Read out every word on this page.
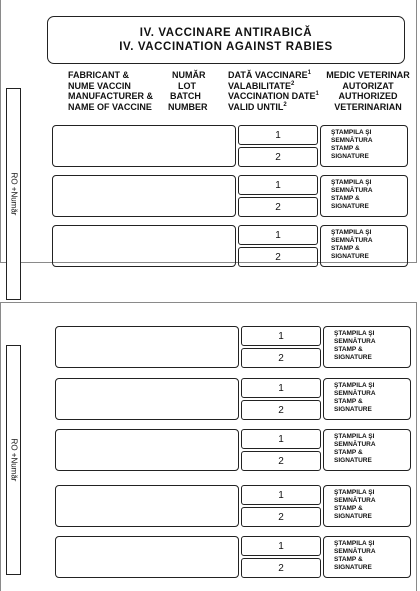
IV. VACCINARE ANTIRABICĂ
IV. VACCINATION AGAINST RABIES
FABRICANT &
NUME VACCIN
MANUFACTURER &
NAME OF VACCINE
NUMĂR
LOT
BATCH
NUMBER
DATĂ VACCINARE$^1$
VALABILITATE$^2$
VACCINATION DATE$^1$
VALID UNTIL$^2$
MEDIC VETERINAR
AUTORIZAT
AUTHORIZED
VETERINARIAN
RO +Număr
RO +Număr
1
2
ŞTAMPILA ŞI
SEMNĂTURA
STAMP &
SIGNATURE
1
2
ŞTAMPILA ŞI
SEMNĂTURA
STAMP &
SIGNATURE
1
2
ŞTAMPILA ŞI
SEMNĂTURA
STAMP &
SIGNATURE
1
2
ŞTAMPILA ŞI
SEMNĂTURA
STAMP &
SIGNATURE
1
2
ŞTAMPILA ŞI
SEMNĂTURA
STAMP &
SIGNATURE
1
2
ŞTAMPILA ŞI
SEMNĂTURA
STAMP &
SIGNATURE
1
2
ŞTAMPILA ŞI
SEMNĂTURA
STAMP &
SIGNATURE
1
2
ŞTAMPILA ŞI
SEMNĂTURA
STAMP &
SIGNATURE
